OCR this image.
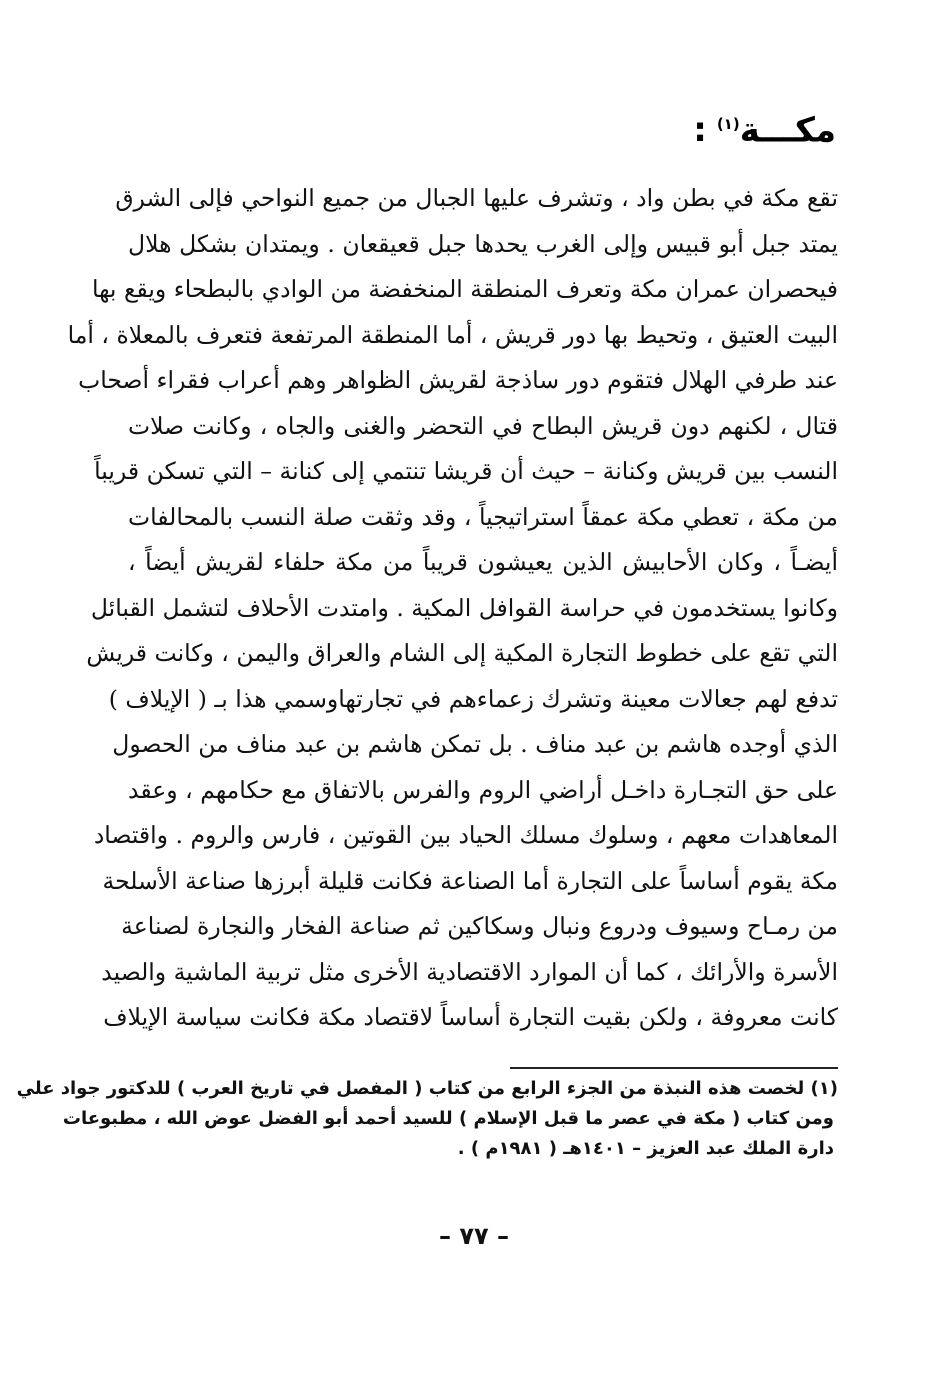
مكـــة$^{(١)}$:
تقع مكة في بطن واد ، وتشرف عليها الجبال من جميع النواحي فإلى الشرق
يمتد جبل أبو قبيس وإلى الغرب يحدها جبل قعيقعان . ويمتدان بشكل هلال
فيحصران عمران مكة وتعرف المنطقة المنخفضة من الوادي بالبطحاء ويقع بها
البيت العتيق ، وتحيط بها دور قريش ، أما المنطقة المرتفعة فتعرف بالمعلاة ، أما
عند طرفي الهلال فتقوم دور ساذجة لقريش الظواهر وهم أعراب فقراء أصحاب
قتال ، لكنهم دون قريش البطاح في التحضر والغنى والجاه ، وكانت صلات
النسب بين قريش وكنانة – حيث أن قريشا تنتمي إلى كنانة – التي تسكن قريباً
من مكة ، تعطي مكة عمقاً استراتيجياً ، وقد وثقت صلة النسب بالمحالفات
أيضـاً ، وكان الأحابيش الذين يعيشون قريباً من مكة حلفاء لقريش أيضاً ،
وكانوا يستخدمون في حراسة القوافل المكية . وامتدت الأحلاف لتشمل القبائل
التي تقع على خطوط التجارة المكية إلى الشام والعراق واليمن ، وكانت قريش
تدفع لهم جعالات معينة وتشرك زعماءهم في تجارتهاوسمي هذا بـ ( الإيلاف )
الذي أوجده هاشم بن عبد مناف . بل تمكن هاشم بن عبد مناف من الحصول
على حق التجـارة داخـل أراضي الروم والفرس بالاتفاق مع حكامهم ، وعقد
المعاهدات معهم ، وسلوك مسلك الحياد بين القوتين ، فارس والروم . واقتصاد
مكة يقوم أساساً على التجارة أما الصناعة فكانت قليلة أبرزها صناعة الأسلحة
من رمـاح وسيوف ودروع ونبال وسكاكين ثم صناعة الفخار والنجارة لصناعة
الأسرة والأرائك ، كما أن الموارد الاقتصادية الأخرى مثل تربية الماشية والصيد
كانت معروفة ، ولكن بقيت التجارة أساساً لاقتصاد مكة فكانت سياسة الإيلاف
(١) لخصت هذه النبذة من الجزء الرابع من كتاب ( المفصل في تاريخ العرب ) للدكتور جواد علي
ومن كتاب ( مكة في عصر ما قبل الإسلام ) للسيد أحمد أبو الفضل عوض الله ، مطبوعات
دارة الملك عبد العزيز – ١٤٠١هـ ( ١٩٨١م ) .
– ٧٧ –
